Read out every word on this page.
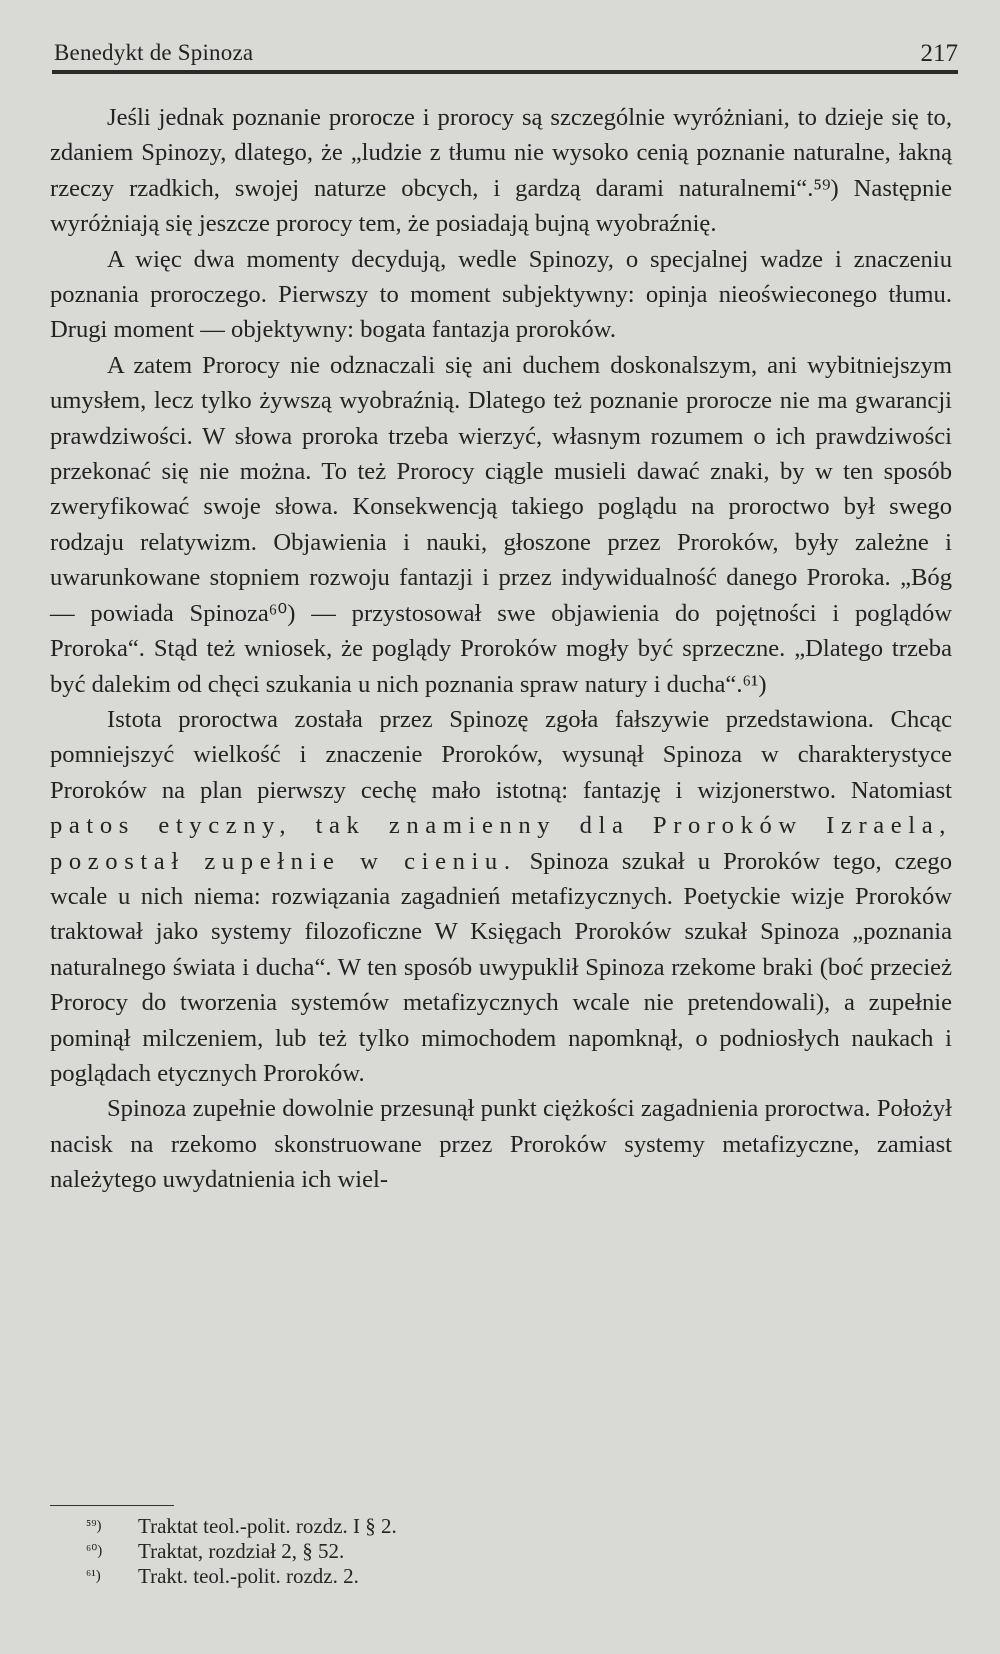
Benedykt de Spinoza	217

Jeśli jednak poznanie prorocze i prorocy są szczególnie wyróżniani, to dzieje się to, zdaniem Spinozy, dlatego, że „ludzie z tłumu nie wysoko cenią poznanie naturalne, łakną rzeczy rzadkich, swojej naturze obcych, i gardzą darami naturalnemi“.⁵⁹) Następnie wyróżniają się jeszcze prorocy tem, że posiadają bujną wyobraźnię.

A więc dwa momenty decydują, wedle Spinozy, o specjalnej wadze i znaczeniu poznania proroczego. Pierwszy to moment subjektywny: opinja nieoświeconego tłumu. Drugi moment — objektywny: bogata fantazja proroków.

A zatem Prorocy nie odznaczali się ani duchem doskonalszym, ani wybitniejszym umysłem, lecz tylko żywszą wyobraźnią. Dlatego też poznanie prorocze nie ma gwarancji prawdziwości. W słowa proroka trzeba wierzyć, własnym rozumem o ich prawdziwości przekonać się nie można. To też Prorocy ciągle musieli dawać znaki, by w ten sposób zweryfikować swoje słowa. Konsekwencją takiego poglądu na proroctwo był swego rodzaju relatywizm. Objawienia i nauki, głoszone przez Proroków, były zależne i uwarunkowane stopniem rozwoju fantazji i przez indywidualność danego Proroka. „Bóg — powiada Spinoza⁶⁰) — przystosował swe objawienia do pojętności i poglądów Proroka“. Stąd też wniosek, że poglądy Proroków mogły być sprzeczne. „Dlatego trzeba być dalekim od chęci szukania u nich poznania spraw natury i ducha“.⁶¹)

Istota proroctwa została przez Spinozę zgoła fałszywie przedstawiona. Chcąc pomniejszyć wielkość i znaczenie Proroków, wysunął Spinoza w charakterystyce Proroków na plan pierwszy cechę mało istotną: fantazję i wizjonerstwo. Natomiast patos etyczny, tak znamienny dla Proroków Izraela, pozostał zupełnie w cieniu. Spinoza szukał u Proroków tego, czego wcale u nich niema: rozwiązania zagadnień metafizycznych. Poetyckie wizje Proroków traktował jako systemy filozoficzne W Księgach Proroków szukał Spinoza „poznania naturalnego świata i ducha“. W ten sposób uwypuklił Spinoza rzekome braki (boć przecież Prorocy do tworzenia systemów metafizycznych wcale nie pretendowali), a zupełnie pominął milczeniem, lub też tylko mimochodem napomknął, o podniosłych naukach i poglądach etycznych Proroków.

Spinoza zupełnie dowolnie przesunął punkt ciężkości zagadnienia proroctwa. Położył nacisk na rzekomo skonstruowane przez Proroków systemy metafizyczne, zamiast należytego uwydatnienia ich wiel-

⁵⁹) Traktat teol.-polit. rozdz. I § 2.
⁶⁰) Traktat, rozdział 2, § 52.
⁶¹) Trakt. teol.-polit. rozdz. 2.
